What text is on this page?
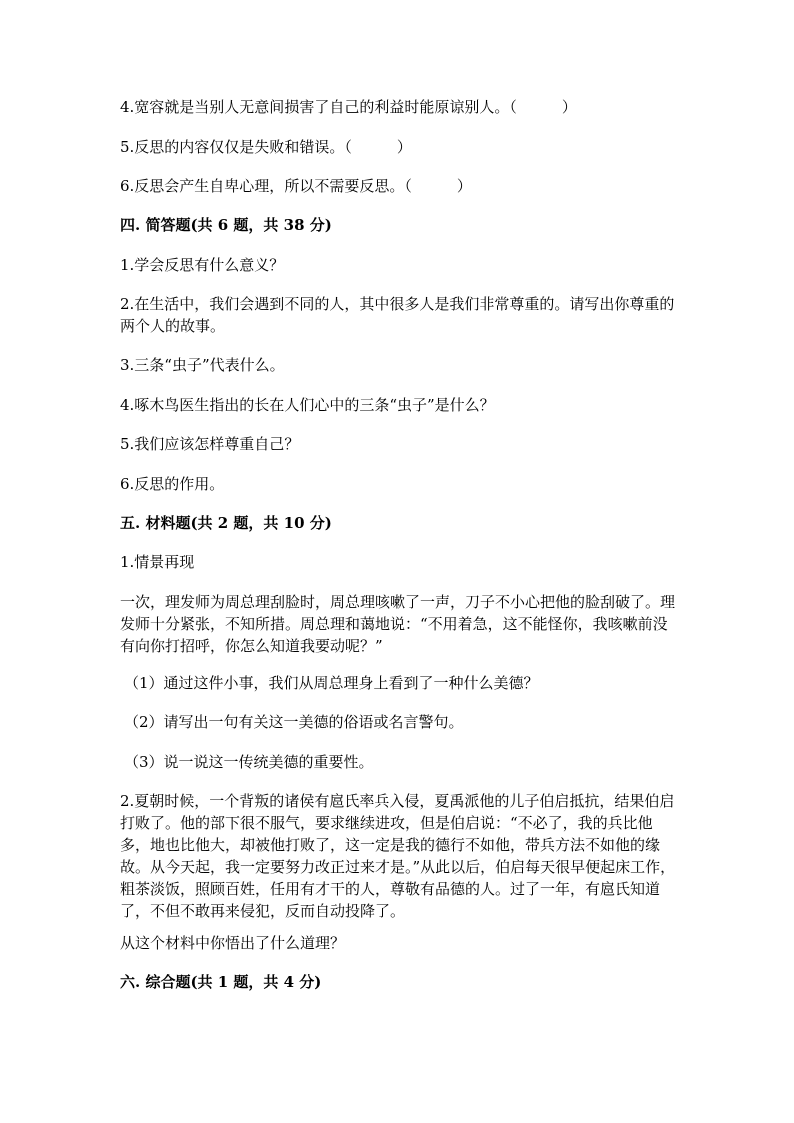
4.宽容就是当别人无意间损害了自己的利益时能原谅别人。（　　　）

5.反思的内容仅仅是失败和错误。（　　　）

6.反思会产生自卑心理，所以不需要反思。（　　　）

四. 简答题(共 6 题，共 38 分)

1.学会反思有什么意义？

2.在生活中，我们会遇到不同的人，其中很多人是我们非常尊重的。请写出你尊重的两个人的故事。

3.三条“虫子”代表什么。

4.啄木鸟医生指出的长在人们心中的三条“虫子”是什么？

5.我们应该怎样尊重自己？

6.反思的作用。

五. 材料题(共 2 题，共 10 分)

1.情景再现

一次，理发师为周总理刮脸时，周总理咳嗽了一声，刀子不小心把他的脸刮破了。理发师十分紧张，不知所措。周总理和蔼地说：“不用着急，这不能怪你，我咳嗽前没有向你打招呼，你怎么知道我要动呢？”

（1）通过这件小事，我们从周总理身上看到了一种什么美德？

（2）请写出一句有关这一美德的俗语或名言警句。

（3）说一说这一传统美德的重要性。

2.夏朝时候，一个背叛的诸侯有扈氏率兵入侵，夏禹派他的儿子伯启抵抗，结果伯启打败了。他的部下很不服气，要求继续进攻，但是伯启说：“不必了，我的兵比他多，地也比他大，却被他打败了，这一定是我的德行不如他，带兵方法不如他的缘故。从今天起，我一定要努力改正过来才是。”从此以后，伯启每天很早便起床工作，粗茶淡饭，照顾百姓，任用有才干的人，尊敬有品德的人。过了一年，有扈氏知道了，不但不敢再来侵犯，反而自动投降了。

从这个材料中你悟出了什么道理？

六. 综合题(共 1 题，共 4 分)
